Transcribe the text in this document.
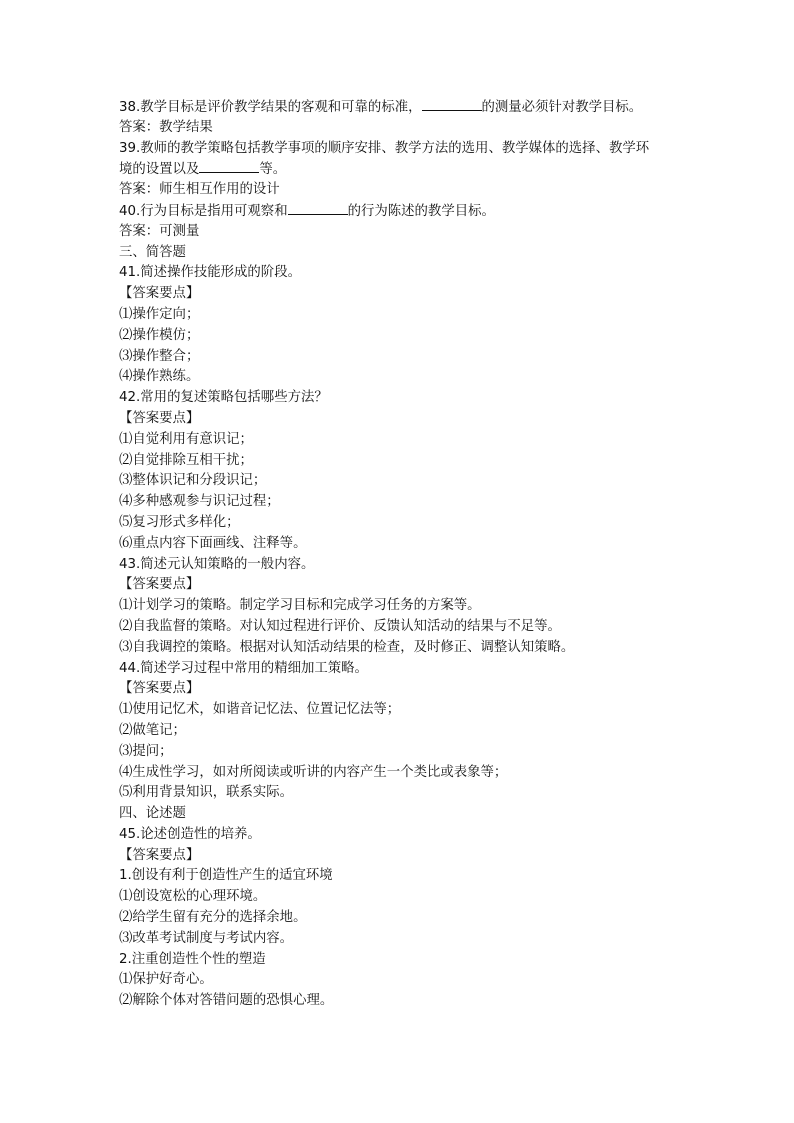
38.教学目标是评价教学结果的客观和可靠的标准，	的测量必须针对教学目标。
答案：教学结果
39.教师的教学策略包括教学事项的顺序安排、教学方法的选用、教学媒体的选择、教学环
境的设置以及	等。
答案：师生相互作用的设计
40.行为目标是指用可观察和	的行为陈述的教学目标。
答案：可测量
三、简答题
41.简述操作技能形成的阶段。
【答案要点】
⑴操作定向；
⑵操作模仿；
⑶操作整合；
⑷操作熟练。
42.常用的复述策略包括哪些方法？
【答案要点】
⑴自觉利用有意识记；
⑵自觉排除互相干扰；
⑶整体识记和分段识记；
⑷多种感观参与识记过程；
⑸复习形式多样化；
⑹重点内容下面画线、注释等。
43.简述元认知策略的一般内容。
【答案要点】
⑴计划学习的策略。制定学习目标和完成学习任务的方案等。
⑵自我监督的策略。对认知过程进行评价、反馈认知活动的结果与不足等。
⑶自我调控的策略。根据对认知活动结果的检查，及时修正、调整认知策略。
44.简述学习过程中常用的精细加工策略。
【答案要点】
⑴使用记忆术，如谐音记忆法、位置记忆法等；
⑵做笔记；
⑶提问；
⑷生成性学习，如对所阅读或听讲的内容产生一个类比或表象等；
⑸利用背景知识，联系实际。
四、论述题
45.论述创造性的培养。
【答案要点】
1.创设有利于创造性产生的适宜环境
⑴创设宽松的心理环境。
⑵给学生留有充分的选择余地。
⑶改革考试制度与考试内容。
2.注重创造性个性的塑造
⑴保护好奇心。
⑵解除个体对答错问题的恐惧心理。
